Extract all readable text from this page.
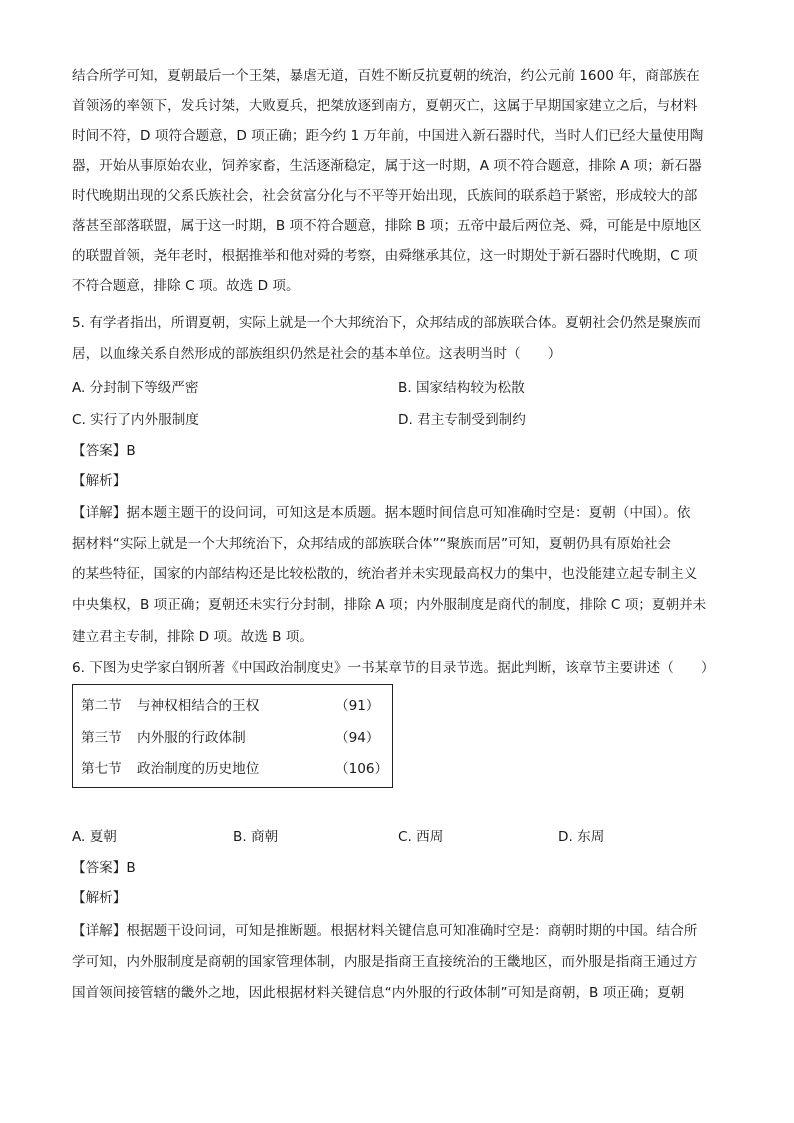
结合所学可知，夏朝最后一个王桀，暴虐无道，百姓不断反抗夏朝的统治，约公元前 1600 年，商部族在
首领汤的率领下，发兵讨桀，大败夏兵，把桀放逐到南方，夏朝灭亡，这属于早期国家建立之后，与材料
时间不符，D 项符合题意，D 项正确；距今约 1 万年前，中国进入新石器时代，当时人们已经大量使用陶
器，开始从事原始农业，饲养家畜，生活逐渐稳定，属于这一时期，A 项不符合题意，排除 A 项；新石器
时代晚期出现的父系氏族社会，社会贫富分化与不平等开始出现，氏族间的联系趋于紧密，形成较大的部
落甚至部落联盟，属于这一时期，B 项不符合题意，排除 B 项；五帝中最后两位尧、舜，可能是中原地区
的联盟首领，尧年老时，根据推举和他对舜的考察，由舜继承其位，这一时期处于新石器时代晚期，C 项
不符合题意，排除 C 项。故选 D 项。
5. 有学者指出，所谓夏朝，实际上就是一个大邦统治下，众邦结成的部族联合体。夏朝社会仍然是聚族而
居，以血缘关系自然形成的部族组织仍然是社会的基本单位。这表明当时（　　）
A. 分封制下等级严密	B. 国家结构较为松散
C. 实行了内外服制度	D. 君主专制受到制约
【答案】B
【解析】
【详解】据本题主题干的设问词，可知这是本质题。据本题时间信息可知准确时空是：夏朝（中国）。依
据材料“实际上就是一个大邦统治下，众邦结成的部族联合体”“聚族而居”可知，夏朝仍具有原始社会
的某些特征，国家的内部结构还是比较松散的，统治者并未实现最高权力的集中，也没能建立起专制主义
中央集权，B 项正确；夏朝还未实行分封制，排除 A 项；内外服制度是商代的制度，排除 C 项；夏朝并未
建立君主专制，排除 D 项。故选 B 项。
6. 下图为史学家白钢所著《中国政治制度史》一书某章节的目录节选。据此判断，该章节主要讲述（　　）
第二节 与神权相结合的王权	（91）
第三节 内外服的行政体制	（94）
第七节 政治制度的历史地位	（106）
A. 夏朝	B. 商朝	C. 西周	D. 东周
【答案】B
【解析】
【详解】根据题干设问词，可知是推断题。根据材料关键信息可知准确时空是：商朝时期的中国。结合所
学可知，内外服制度是商朝的国家管理体制，内服是指商王直接统治的王畿地区，而外服是指商王通过方
国首领间接管辖的畿外之地，因此根据材料关键信息“内外服的行政体制”可知是商朝，B 项正确；夏朝
